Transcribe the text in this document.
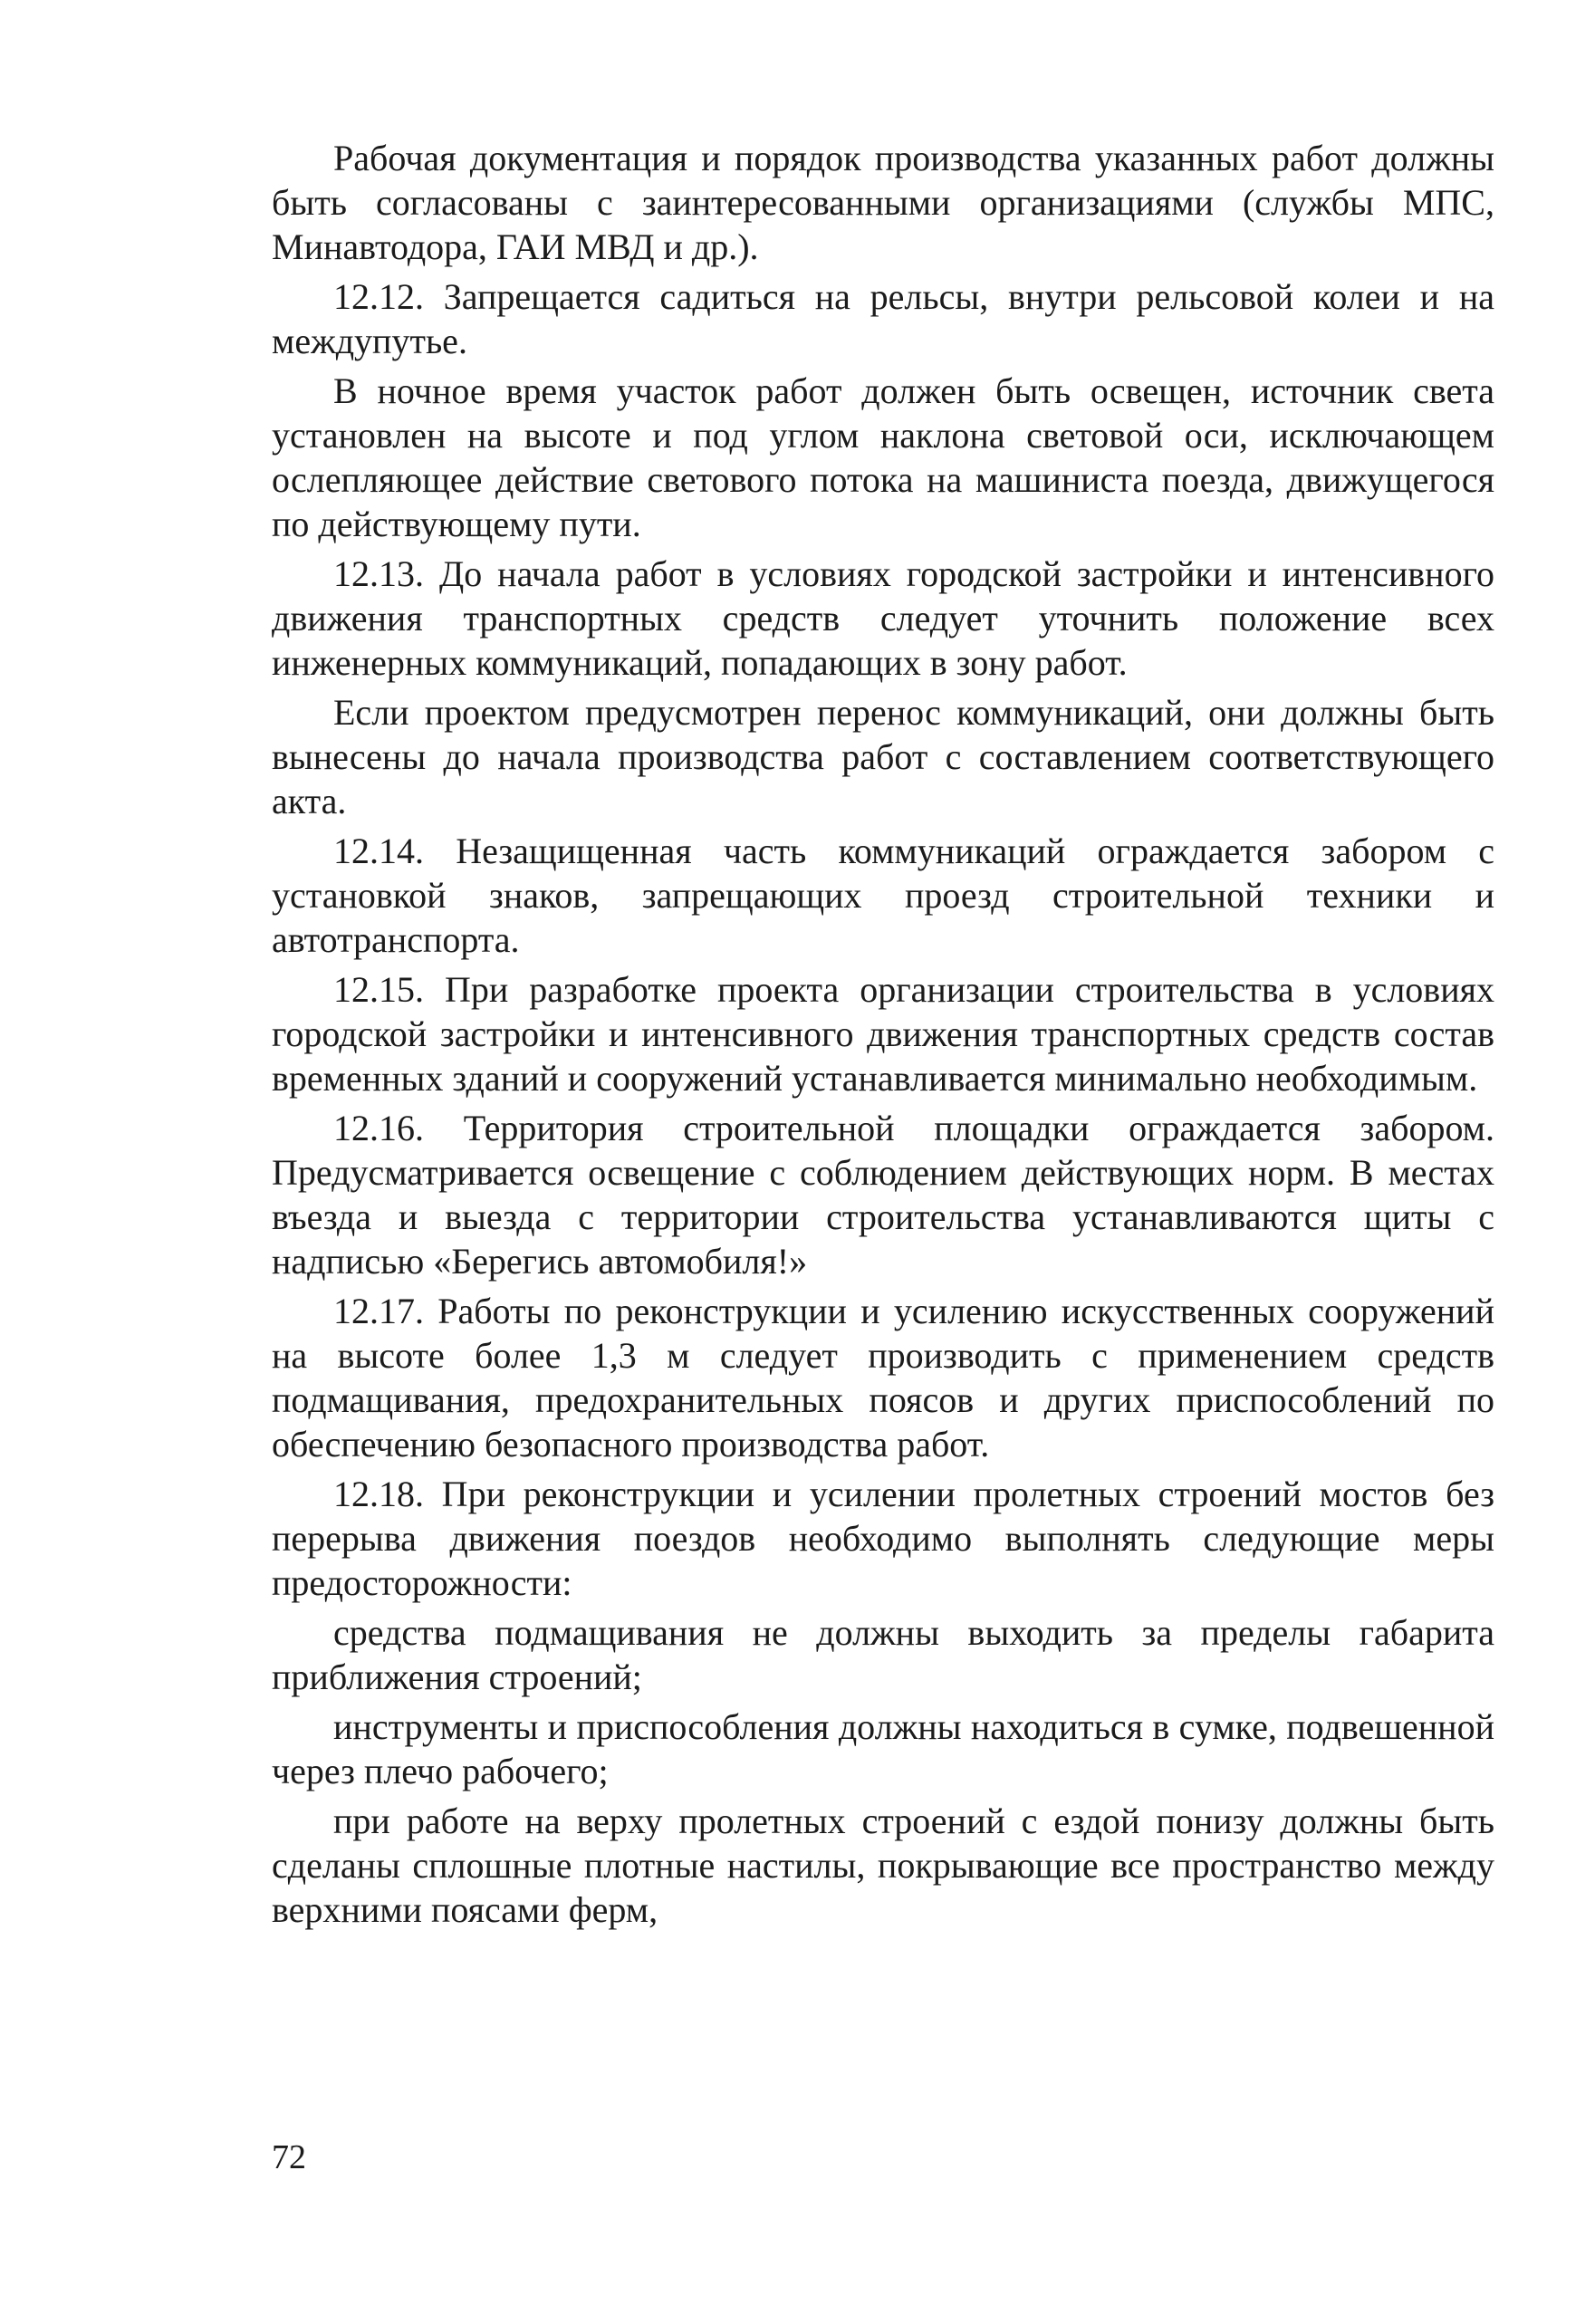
Рабочая документация и порядок производства указанных работ должны быть согласованы с заинтересованными организациями (службы МПС, Минавтодора, ГАИ МВД и др.).

12.12. Запрещается садиться на рельсы, внутри рельсовой колеи и на междупутье.

В ночное время участок работ должен быть освещен, источник света установлен на высоте и под углом наклона световой оси, исключающем ослепляющее действие светового потока на машиниста поезда, движущегося по действующему пути.

12.13. До начала работ в условиях городской застройки и интенсивного движения транспортных средств следует уточнить положение всех инженерных коммуникаций, попадающих в зону работ.

Если проектом предусмотрен перенос коммуникаций, они должны быть вынесены до начала производства работ с составлением соответствующего акта.

12.14. Незащищенная часть коммуникаций ограждается забором с установкой знаков, запрещающих проезд строительной техники и автотранспорта.

12.15. При разработке проекта организации строительства в условиях городской застройки и интенсивного движения транспортных средств состав временных зданий и сооружений устанавливается минимально необходимым.

12.16. Территория строительной площадки ограждается забором. Предусматривается освещение с соблюдением действующих норм. В местах въезда и выезда с территории строительства устанавливаются щиты с надписью «Берегись автомобиля!»

12.17. Работы по реконструкции и усилению искусственных сооружений на высоте более 1,3 м следует производить с применением средств подмащивания, предохранительных поясов и других приспособлений по обеспечению безопасного производства работ.

12.18. При реконструкции и усилении пролетных строений мостов без перерыва движения поездов необходимо выполнять следующие меры предосторожности:

средства подмащивания не должны выходить за пределы габарита приближения строений;

инструменты и приспособления должны находиться в сумке, подвешенной через плечо рабочего;

при работе на верху пролетных строений с ездой понизу должны быть сделаны сплошные плотные настилы, покрывающие все пространство между верхними поясами ферм,

72
